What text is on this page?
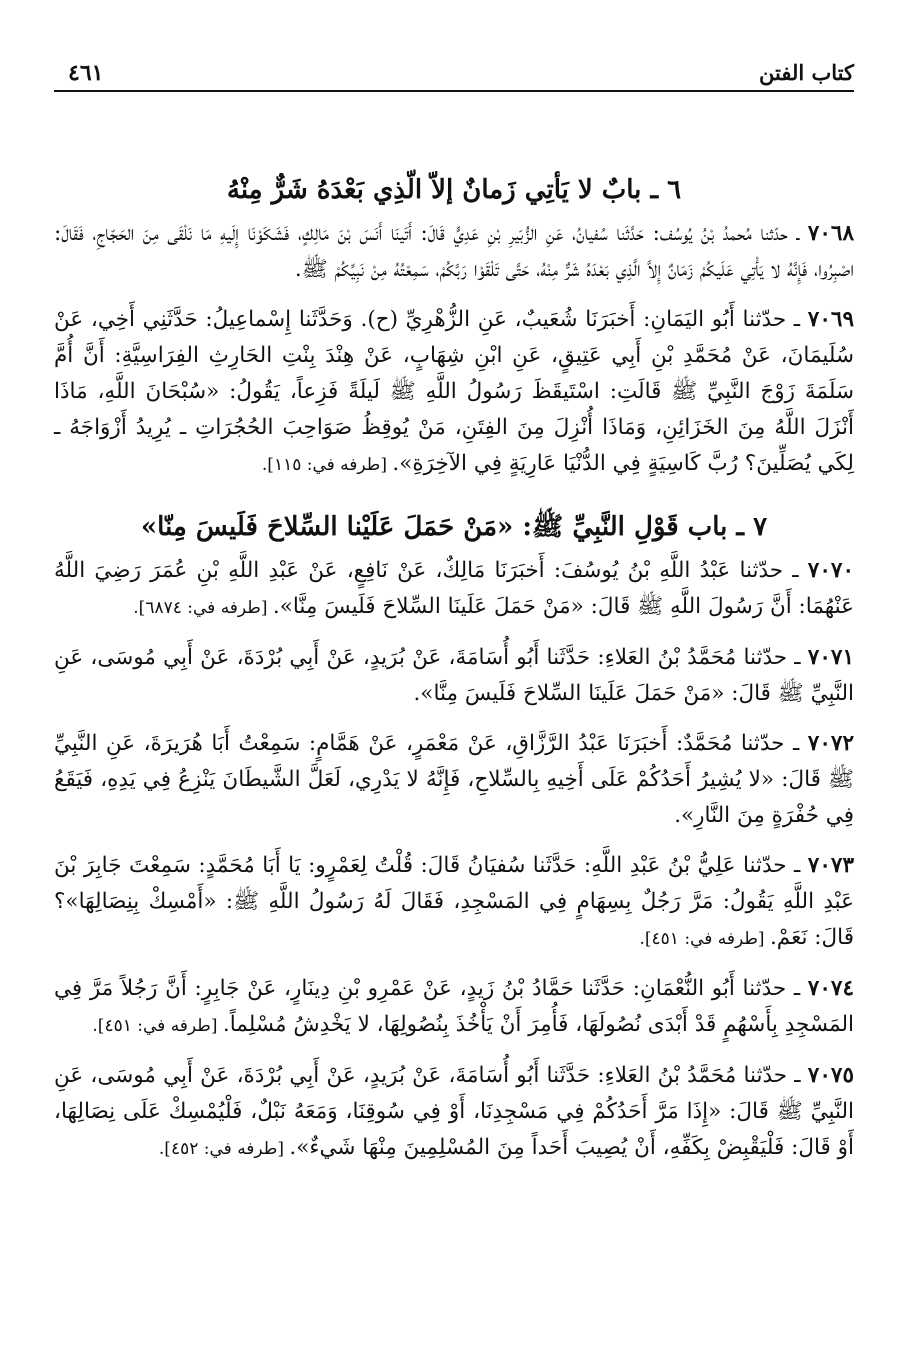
كتاب الفتن
٤٦١
٦ ـ بابٌ لا يَأتِي زَمانٌ إلاّ الّذِي بَعْدَهُ شَرٌّ مِنْهُ

٧٠٦٨ ـ حدّثنا مُحمدُ بْنُ يُوسُف: حَدَّثَنا سُفيانُ، عَنِ الزُّبَيرِ بْنِ عَدِيٍّ قَالَ: أَتَينَا أَنَسَ بْنَ مَالِكٍ، فَشَكَوْنَا إِلَيهِ مَا نَلْقَى مِنَ الحَجّاجِ، فَقَالَ: اصْبِرُوا، فَإِنَّهُ لا يَأْتِي عَلَيكُمْ زَمَانٌ إِلاَّ الَّذِي بَعْدَهُ شَرٌّ مِنْهُ، حَتَّى تَلْقَوْا رَبَّكُمْ، سَمِعْتُهُ مِنْ نَبِيِّكُمْ ﷺ.

٧٠٦٩ ـ حدّثنا أَبُو اليَمَانِ: أَخبَرَنَا شُعَيبٌ، عَنِ الزُّهْرِيِّ (ح). وَحَدَّثَنا إِسْماعِيلُ: حَدَّثَنِي أَخِي، عَنْ سُلَيمَانَ، عَنْ مُحَمَّدِ بْنِ أَبِي عَتِيقٍ، عَنِ ابْنِ شِهَابٍ، عَنْ هِنْدَ بِنْتِ الحَارِثِ الفِرَاسِيَّةِ: أَنَّ أُمَّ سَلَمَةَ زَوْجَ النَّبِيِّ ﷺ قَالَتِ: اسْتَيقَظَ رَسُولُ اللَّهِ ﷺ لَيلَةً فَزِعاً، يَقُولُ: «سُبْحَانَ اللَّهِ، مَاذَا أَنْزَلَ اللَّهُ مِنَ الخَزَائِنِ، وَمَاذَا أُنْزِلَ مِنَ الفِتَنِ، مَنْ يُوقِظُ صَوَاحِبَ الحُجُرَاتِ ـ يُرِيدُ أَزْوَاجَهُ ـ لِكَي يُصَلِّينَ؟ رُبَّ كَاسِيَةٍ فِي الدُّنْيَا عَارِيَةٍ فِي الآخِرَةِ». [طرفه في: ١١٥].

٧ ـ باب قَوْلِ النَّبِيِّ ﷺ: «مَنْ حَمَلَ عَلَيْنا السِّلاحَ فَلَيسَ مِنّا»

٧٠٧٠ ـ حدّثنا عَبْدُ اللَّهِ بْنُ يُوسُفَ: أَخبَرَنَا مَالِكٌ، عَنْ نَافِعٍ، عَنْ عَبْدِ اللَّهِ بْنِ عُمَرَ رَضِيَ اللَّهُ عَنْهُمَا: أَنَّ رَسُولَ اللَّهِ ﷺ قَالَ: «مَنْ حَمَلَ عَلَينَا السِّلاحَ فَلَيسَ مِنَّا». [طرفه في: ٦٨٧٤].

٧٠٧١ ـ حدّثنا مُحَمَّدُ بْنُ العَلاءِ: حَدَّثَنا أَبُو أُسَامَةَ، عَنْ بُرَيدٍ، عَنْ أَبِي بُرْدَةَ، عَنْ أَبِي مُوسَى، عَنِ النَّبِيِّ ﷺ قَالَ: «مَنْ حَمَلَ عَلَينَا السِّلاحَ فَلَيسَ مِنَّا».

٧٠٧٢ ـ حدّثنا مُحَمَّدٌ: أَخبَرَنَا عَبْدُ الرَّزَّاقِ، عَنْ مَعْمَرٍ، عَنْ هَمَّامٍ: سَمِعْتُ أَبَا هُرَيرَةَ، عَنِ النَّبِيِّ ﷺ قَالَ: «لا يُشِيرُ أَحَدُكُمْ عَلَى أَخِيهِ بِالسِّلاحِ، فَإِنَّهُ لا يَدْرِي، لَعَلَّ الشَّيطَانَ يَنْزِعُ فِي يَدِهِ، فَيَقَعُ فِي حُفْرَةٍ مِنَ النَّارِ».

٧٠٧٣ ـ حدّثنا عَلِيُّ بْنُ عَبْدِ اللَّهِ: حَدَّثَنا سُفيَانُ قَالَ: قُلْتُ لِعَمْرٍو: يَا أَبَا مُحَمَّدٍ: سَمِعْتَ جَابِرَ بْنَ عَبْدِ اللَّهِ يَقُولُ: مَرَّ رَجُلٌ بِسِهَامٍ فِي المَسْجِدِ، فَقَالَ لَهُ رَسُولُ اللَّهِ ﷺ: «أَمْسِكْ بِنِصَالِهَا»؟ قَالَ: نَعَمْ. [طرفه في: ٤٥١].

٧٠٧٤ ـ حدّثنا أَبُو النُّعْمَانِ: حَدَّثَنا حَمَّادُ بْنُ زَيدٍ، عَنْ عَمْرِو بْنِ دِينَارٍ، عَنْ جَابِرٍ: أَنَّ رَجُلاً مَرَّ فِي المَسْجِدِ بِأَسْهُمٍ قَدْ أَبْدَى نُصُولَهَا، فَأُمِرَ أَنْ يَأْخُذَ بِنُصُولِهَا، لا يَخْدِشُ مُسْلِماً. [طرفه في: ٤٥١].

٧٠٧٥ ـ حدّثنا مُحَمَّدُ بْنُ العَلاءِ: حَدَّثَنا أَبُو أُسَامَةَ، عَنْ بُرَيدٍ، عَنْ أَبِي بُرْدَةَ، عَنْ أَبِي مُوسَى، عَنِ النَّبِيِّ ﷺ قَالَ: «إِذَا مَرَّ أَحَدُكُمْ فِي مَسْجِدِنَا، أَوْ فِي سُوقِنَا، وَمَعَهُ نَبْلٌ، فَلْيُمْسِكْ عَلَى نِصَالِهَا، أَوْ قَالَ: فَلْيَقْبِضْ بِكَفِّهِ، أَنْ يُصِيبَ أَحَداً مِنَ المُسْلِمِينَ مِنْهَا شَيءٌ». [طرفه في: ٤٥٢].
